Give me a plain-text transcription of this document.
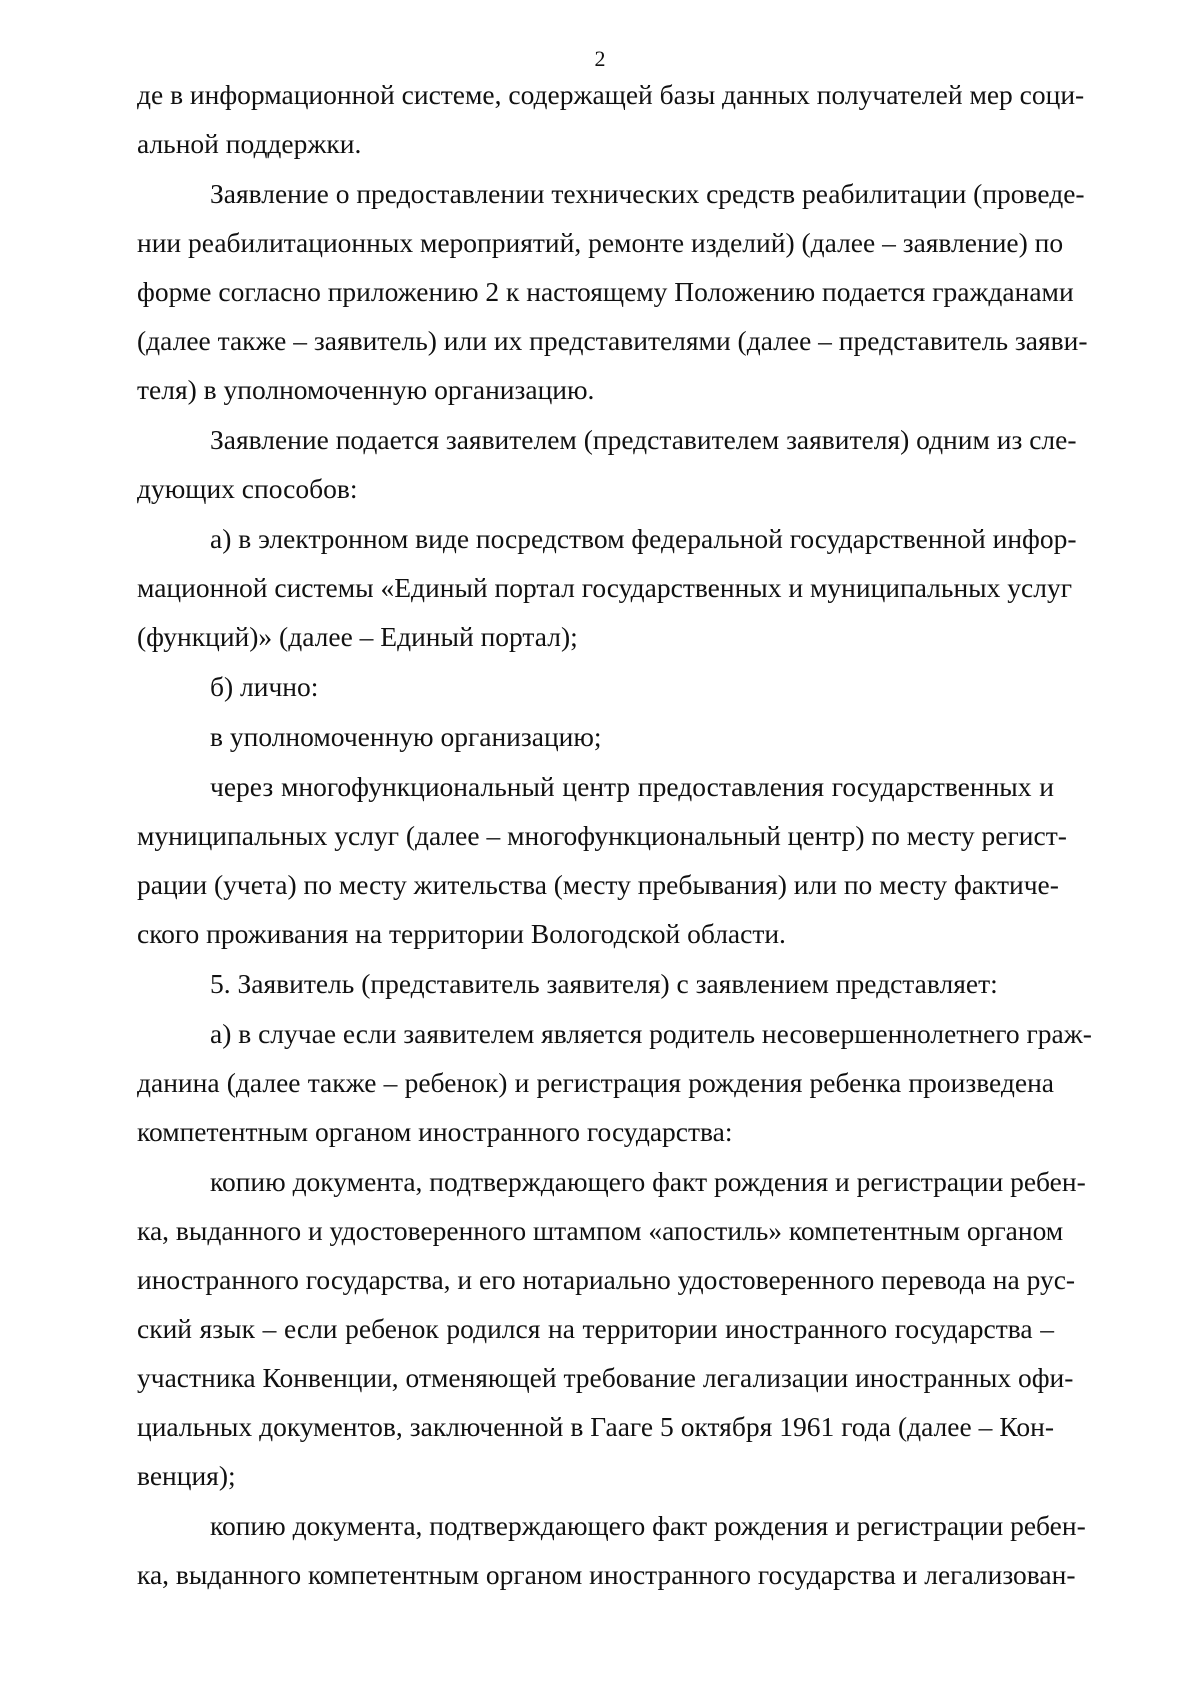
2
де в информационной системе, содержащей базы данных получателей мер соци-
альной поддержки.
Заявление о предоставлении технических средств реабилитации (проведе-
нии реабилитационных мероприятий, ремонте изделий) (далее – заявление) по
форме согласно приложению 2 к настоящему Положению подается гражданами
(далее также – заявитель) или их представителями (далее – представитель заяви-
теля) в уполномоченную организацию.
Заявление подается заявителем (представителем заявителя) одним из сле-
дующих способов:
а) в электронном виде посредством федеральной государственной инфор-
мационной системы «Единый портал государственных и муниципальных услуг
(функций)» (далее – Единый портал);
б) лично:
в уполномоченную организацию;
через многофункциональный центр предоставления государственных и
муниципальных услуг (далее – многофункциональный центр) по месту регист-
рации (учета) по месту жительства (месту пребывания) или по месту фактиче-
ского проживания на территории Вологодской области.
5. Заявитель (представитель заявителя) с заявлением представляет:
а) в случае если заявителем является родитель несовершеннолетнего граж-
данина (далее также – ребенок) и регистрация рождения ребенка произведена
компетентным органом иностранного государства:
копию документа, подтверждающего факт рождения и регистрации ребен-
ка, выданного и удостоверенного штампом «апостиль» компетентным органом
иностранного государства, и его нотариально удостоверенного перевода на рус-
ский язык – если ребенок родился на территории иностранного государства –
участника Конвенции, отменяющей требование легализации иностранных офи-
циальных документов, заключенной в Гааге 5 октября 1961 года (далее – Кон-
венция);
копию документа, подтверждающего факт рождения и регистрации ребен-
ка, выданного компетентным органом иностранного государства и легализован-
